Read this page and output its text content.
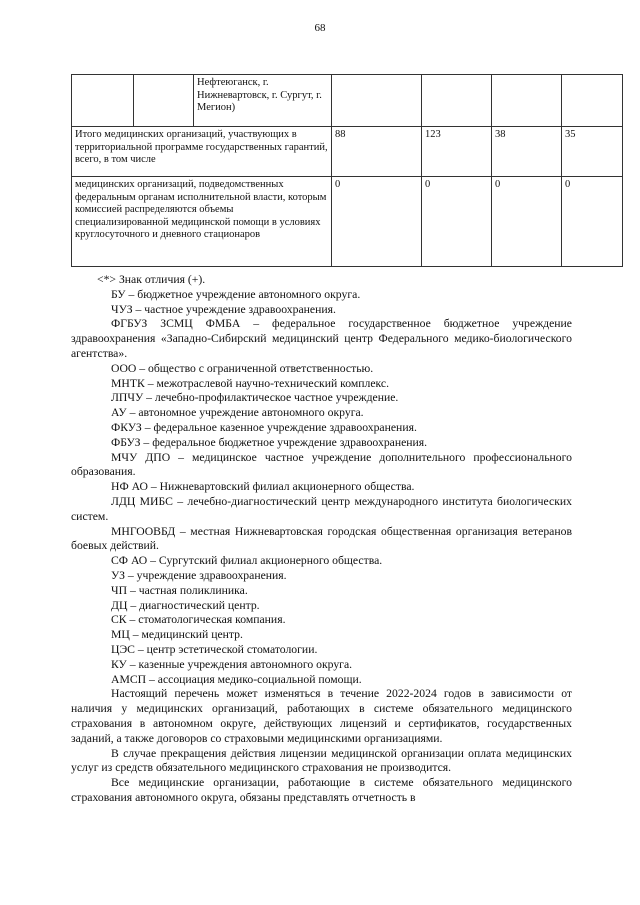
68
		Нефтеюганск, г. Нижневартовск, г. Сургут, г. Мегион)				
Итого медицинских организаций, участвующих в территориальной программе государственных гарантий, всего, в том числе			88	123	38	35
медицинских организаций, подведомственных федеральным органам исполнительной власти, которым комиссией распределяются объемы специализированной медицинской помощи в условиях круглосуточного и дневного стационаров			0	0	0	0

<*> Знак отличия (+).

БУ – бюджетное учреждение автономного округа.

ЧУЗ – частное учреждение здравоохранения.

ФГБУЗ ЗСМЦ ФМБА – федеральное государственное бюджетное учреждение здравоохранения «Западно-Сибирский медицинский центр Федерального медико-биологического агентства».

ООО – общество с ограниченной ответственностью.

МНТК – межотраслевой научно-технический комплекс.

ЛПЧУ – лечебно-профилактическое частное учреждение.

АУ – автономное учреждение автономного округа.

ФКУЗ – федеральное казенное учреждение здравоохранения.

ФБУЗ – федеральное бюджетное учреждение здравоохранения.

МЧУ ДПО – медицинское частное учреждение дополнительного профессионального образования.

НФ АО – Нижневартовский филиал акционерного общества.

ЛДЦ МИБС – лечебно-диагностический центр международного института биологических систем.

МНГООВБД – местная Нижневартовская городская общественная организация ветеранов боевых действий.

СФ АО – Сургутский филиал акционерного общества.

УЗ – учреждение здравоохранения.

ЧП – частная поликлиника.

ДЦ – диагностический центр.

СК – стоматологическая компания.

МЦ – медицинский центр.

ЦЭС – центр эстетической стоматологии.

КУ – казенные учреждения автономного округа.

АМСП – ассоциация медико-социальной помощи.

Настоящий перечень может изменяться в течение 2022-2024 годов в зависимости от наличия у медицинских организаций, работающих в системе обязательного медицинского страхования в автономном округе, действующих лицензий и сертификатов, государственных заданий, а также договоров со страховыми медицинскими организациями.

В случае прекращения действия лицензии медицинской организации оплата медицинских услуг из средств обязательного медицинского страхования не производится.

Все медицинские организации, работающие в системе обязательного медицинского страхования автономного округа, обязаны представлять отчетность в
